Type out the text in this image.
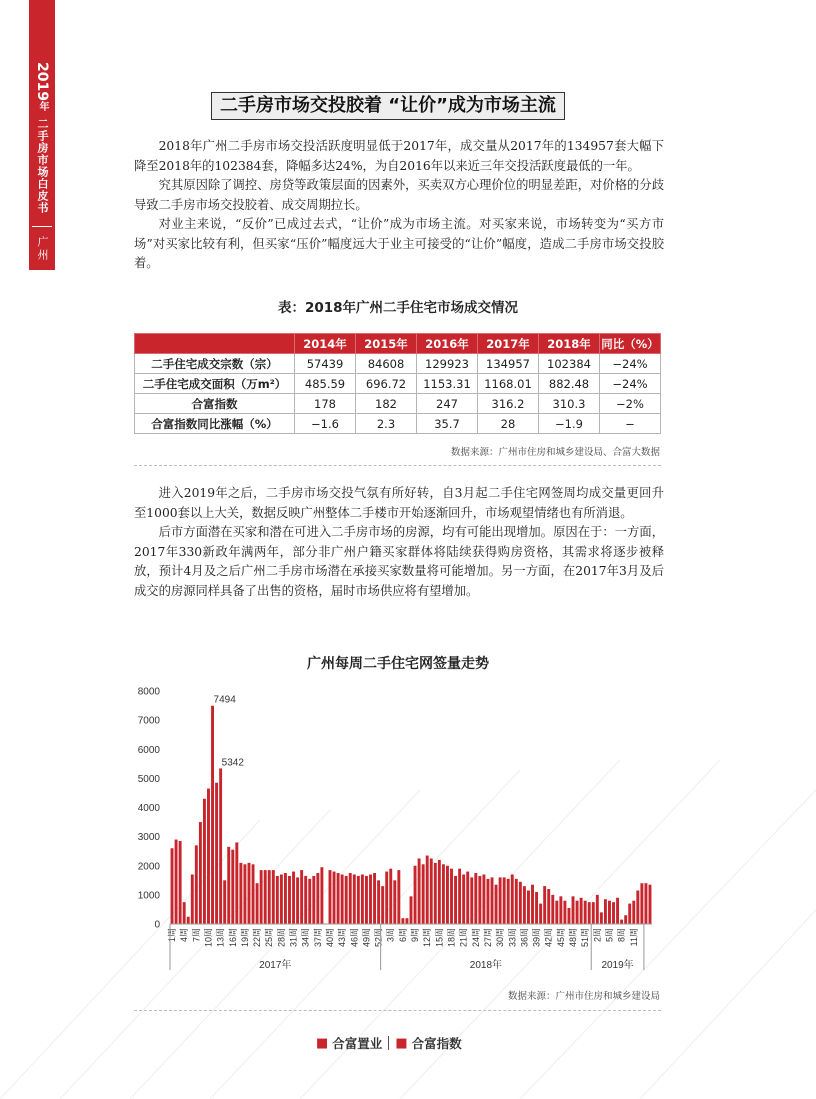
2019年
二手房市场白皮书
广州
二手房市场交投胶着 “让价”成为市场主流

2018年广州二手房市场交投活跃度明显低于2017年，成交量从2017年的134957套大幅下降至2018年的102384套，降幅多达24%，为自2016年以来近三年交投活跃度最低的一年。

究其原因除了调控、房贷等政策层面的因素外，买卖双方心理价位的明显差距，对价格的分歧导致二手房市场交投胶着、成交周期拉长。

对业主来说，“反价”已成过去式，“让价”成为市场主流。对买家来说，市场转变为“买方市场”对买家比较有利，但买家“压价”幅度远大于业主可接受的“让价”幅度，造成二手房市场交投胶着。

表：2018年广州二手住宅市场成交情况
	2014年	2015年	2016年	2017年	2018年	同比（%）
二手住宅成交宗数（宗）	57439	84608	129923	134957	102384	−24%
二手住宅成交面积（万m²）	485.59	696.72	1153.31	1168.01	882.48	−24%
合富指数	178	182	247	316.2	310.3	−2%
合富指数同比涨幅（%）	−1.6	2.3	35.7	28	−1.9	−
数据来源：广州市住房和城乡建设局、合富大数据

进入2019年之后，二手房市场交投气氛有所好转，自3月起二手住宅网签周均成交量更回升至1000套以上大关，数据反映广州整体二手楼市开始逐渐回升，市场观望情绪也有所消退。

后市方面潜在买家和潜在可进入二手房市场的房源，均有可能出现增加。原因在于：一方面，2017年330新政年满两年，部分非广州户籍买家群体将陆续获得购房资格，其需求将逐步被释放，预计4月及之后广州二手房市场潜在承接买家数量将可能增加。另一方面，在2017年3月及后成交的房源同样具备了出售的资格，届时市场供应将有望增加。

广州每周二手住宅网签量走势
0
1000
2000
3000
4000
5000
6000
7000
8000
7494
5342
1周 4周 7周 10周 13周 16周 19周 22周 25周 28周 31周 34周 37周 40周 43周 46周 49周 52周 3周 6周 9周 12周 15周 18周 21周 24周 27周 30周 33周 36周 39周 42周 45周 48周 51周 2周 5周 8周 11周
2017年	2018年	2019年
数据来源：广州市住房和城乡建设局
■ 合富置业 ■ 合富指数
